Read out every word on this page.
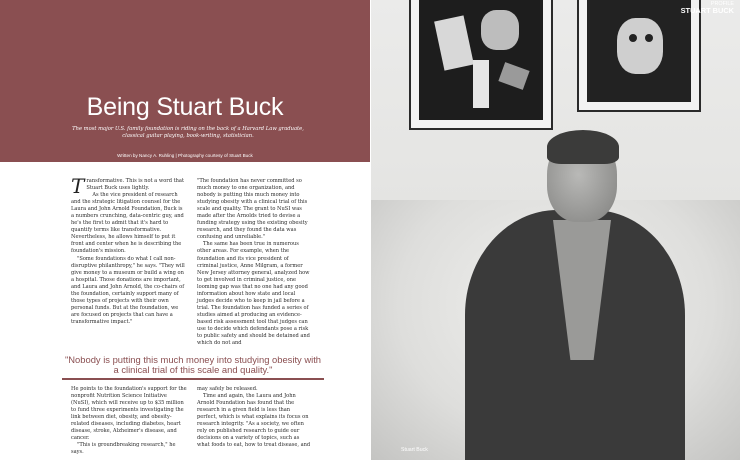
Being Stuart Buck
The most major U.S. family foundation is riding on the back of a Harvard Law graduate, classical guitar playing, book-writing, statistician.
Written by Nancy A. Ruhling | Photography courtesy of Stuart Buck

Transformative. This is not a word that Stuart Buck uses lightly.

As the vice president of research and the strategic litigation counsel for the Laura and John Arnold Foundation, Buck is a numbers crunching, data-centric guy, and he's the first to admit that it's hard to quantify terms like transformative. Nevertheless, he allows himself to put it front and center when he is describing the foundation's mission.

"Some foundations do what I call non-disruptive philanthropy," he says. "They will give money to a museum or build a wing on a hospital. Those donations are important, and Laura and John Arnold, the co-chairs of the foundation, certainly support many of those types of projects with their own personal funds. But at the foundation, we are focused on projects that can have a transformative impact."

"The foundation has never committed so much money to one organization, and nobody is putting this much money into studying obesity with a clinical trial of this scale and quality. The grant to NuSI was made after the Arnolds tried to devise a funding strategy using the existing obesity research, and they found the data was confusing and unreliable."

The same has been true in numerous other areas. For example, when the foundation and its vice president of criminal justice, Anne Milgram, a former New Jersey attorney general, analyzed how to get involved in criminal justice, one looming gap was that no one had any good information about how state and local judges decide who to keep in jail before a trial. The foundation has funded a series of studies aimed at producing an evidence-based risk assessment tool that judges can use to decide which defendants pose a risk to public safety and should be detained and which do not and

"Nobody is putting this much money into studying obesity with a clinical trial of this scale and quality."

He points to the foundation's support for the nonprofit Nutrition Science Initiative (NuSI), which will receive up to $35 million to fund three experiments investigating the link between diet, obesity, and obesity-related diseases, including diabetes, heart disease, stroke, Alzheimer's disease, and cancer.

"This is groundbreaking research," he says.

may safely be released.

Time and again, the Laura and John Arnold Foundation has found that the research in a given field is less than perfect, which is what explains its focus on research integrity. "As a society, we often rely on published research to guide our decisions on a variety of topics, such as what foods to eat, how to treat disease, and

PROFILE
STUART BUCK
Stuart Buck
